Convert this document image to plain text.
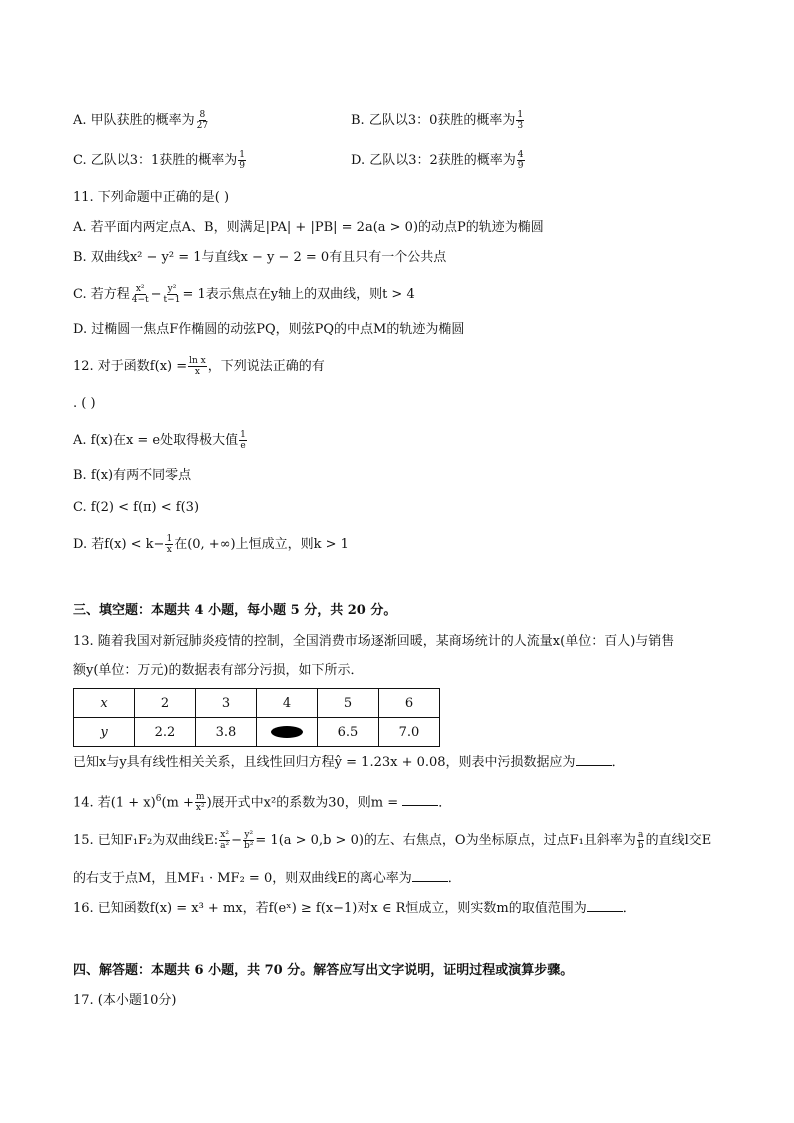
A. 甲队获胜的概率为 $\frac{8}{27}$	B. 乙队以3：0获胜的概率为 $\frac{1}{3}$
C. 乙队以3：1获胜的概率为 $\frac{1}{9}$	D. 乙队以3：2获胜的概率为 $\frac{4}{9}$
11. 下列命题中正确的是( )
A. 若平面内两定点A、B，则满足|PA| + |PB| = 2a(a > 0)的动点P的轨迹为椭圆
B. 双曲线x² − y² = 1与直线x − y − 2 = 0有且只有一个公共点
C. 若方程 $\frac{\text{x²}}{4-t} - \frac{\text{y²}}{t-1} = 1$表示焦点在y轴上的双曲线，则t > 4
D. 过椭圆一焦点F作椭圆的动弦PQ，则弦PQ的中点M的轨迹为椭圆
12. 对于函数$f(x) = \frac{\text{ln x}}{x}$ ，下列说法正确的有
. ( )
A. f(x)在x = e处取得极大值 $\frac{1}{e}$
B. f(x)有两不同零点
C. f(2) < f(π) < f(3)
D. 若$f(x) < k- \frac{1}{x}$ 在(0, +∞)上恒成立，则k > 1
三、填空题：本题共 4 小题，每小题 5 分，共 20 分。
13. 随着我国对新冠肺炎疫情的控制，全国消费市场逐渐回暖，某商场统计的人流量x(单位：百人)与销售
额y(单位：万元)的数据表有部分污损，如下所示．
x	2	3	4	5	6
y	2.2	3.8		6.5	7.0
已知x与y具有线性相关关系，且线性回归方程ŷ = 1.23x + 0.08，则表中污损数据应为	．
14. 若$(1 + x)^6(m + \frac{m}{\text{x²}}$ )展开式中x²的系数为30，则m =	．
15. 已知F₁F₂为双曲线E: $\frac{\text{x²}}{\text{a²}} - \frac{\text{y²}}{\text{b²}} = 1(a > 0,b > 0)$的左、右焦点，O为坐标原点，过点F₁且斜率为 $\frac{a}{b}$ 的直线l交E
的右支于点M，且MF₁ · MF₂ = 0，则双曲线E的离心率为	．
16. 已知函数f(x) = x³ + mx，若f(eˣ) ≥ f(x−1)对x ∈ R恒成立，则实数m的取值范围为	．
四、解答题：本题共 6 小题，共 70 分。解答应写出文字说明，证明过程或演算步骤。
17. (本小题10分)
